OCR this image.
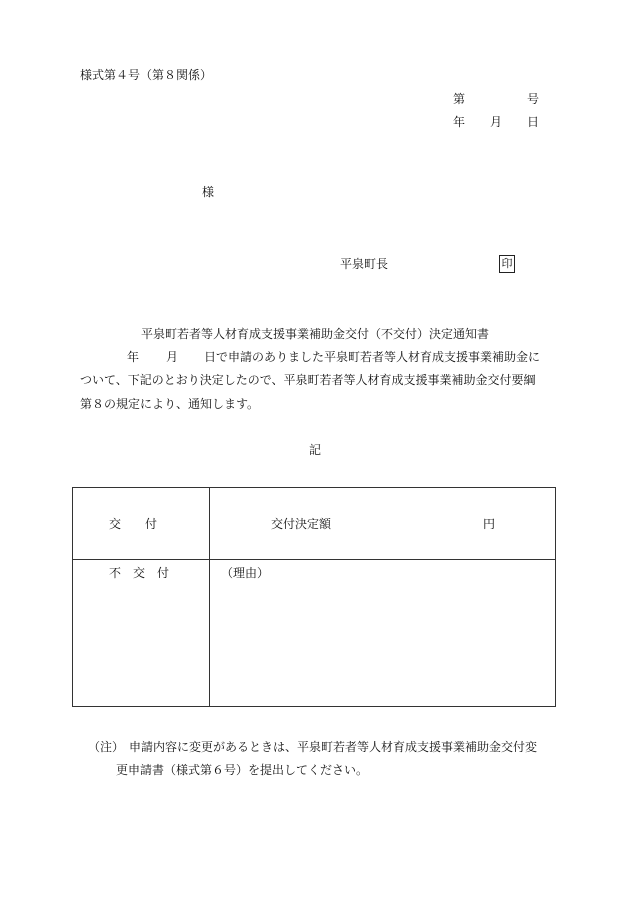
様式第４号（第８関係）
第	号
年 月 日
様
平泉町長	印
平泉町若者等人材育成支援事業補助金交付（不交付）決定通知書
年 月 日で申請のありました平泉町若者等人材育成支援事業補助金に
ついて、下記のとおり決定したので、平泉町若者等人材育成支援事業補助金交付要綱
第８の規定により、通知します。
記
交　　付	交付決定額	円
不　交　付	（理由）
（注） 申請内容に変更があるときは、平泉町若者等人材育成支援事業補助金交付変
更申請書（様式第６号）を提出してください。
